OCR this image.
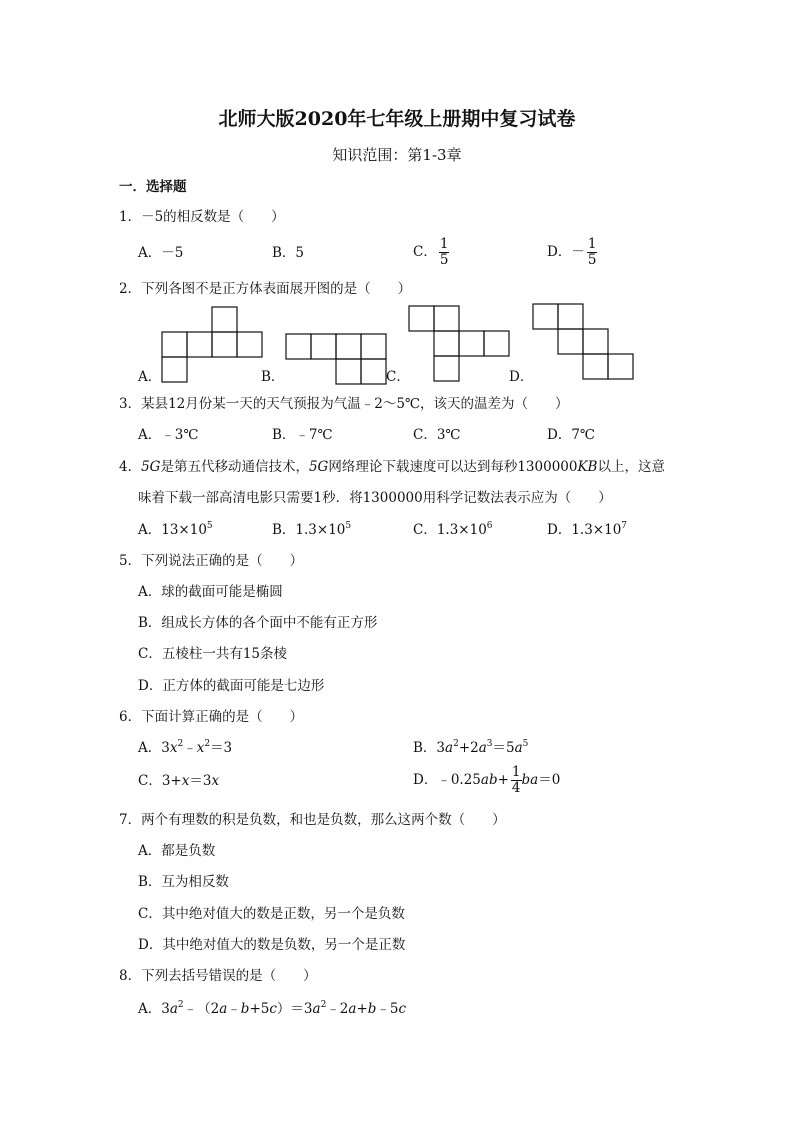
北师大版2020年七年级上册期中复习试卷
知识范围：第1-3章
一．选择题
1．－5的相反数是（　　）
A．－5	B．5	C． $\frac{1}{5}$	D．－ $\frac{1}{5}$
2．下列各图不是正方体表面展开图的是（　　）
A．	B．	C．	D．
3．某县12月份某一天的天气预报为气温﹣2～5℃，该天的温差为（　　）
A．﹣3℃	B．﹣7℃	C．3℃	D．7℃
4．5G是第五代移动通信技术，5G网络理论下载速度可以达到每秒1300000KB以上，这意
味着下载一部高清电影只需要1秒．将1300000用科学记数法表示应为（　　）
A．$13\times 10^5$	B．$1.3\times 10^5$	C．$1.3\times 10^6$	D．$1.3\times 10^7$
5．下列说法正确的是（　　）
A．球的截面可能是椭圆
B．组成长方体的各个面中不能有正方形
C．五棱柱一共有15条棱
D．正方体的截面可能是七边形
6．下面计算正确的是（　　）
A．$3x^2﹣x^2=3$	B．$3a^2+2a^3=5a^5$
C．3+x＝3x	D．﹣0.25ab+ $\frac{1}{4} ba=0$
7．两个有理数的积是负数，和也是负数，那么这两个数（　　）
A．都是负数
B．互为相反数
C．其中绝对值大的数是正数，另一个是负数
D．其中绝对值大的数是负数，另一个是正数
8．下列去括号错误的是（　　）
A．$3a^2﹣(2a﹣b+5c)=3a^2﹣2a+b﹣5c$
